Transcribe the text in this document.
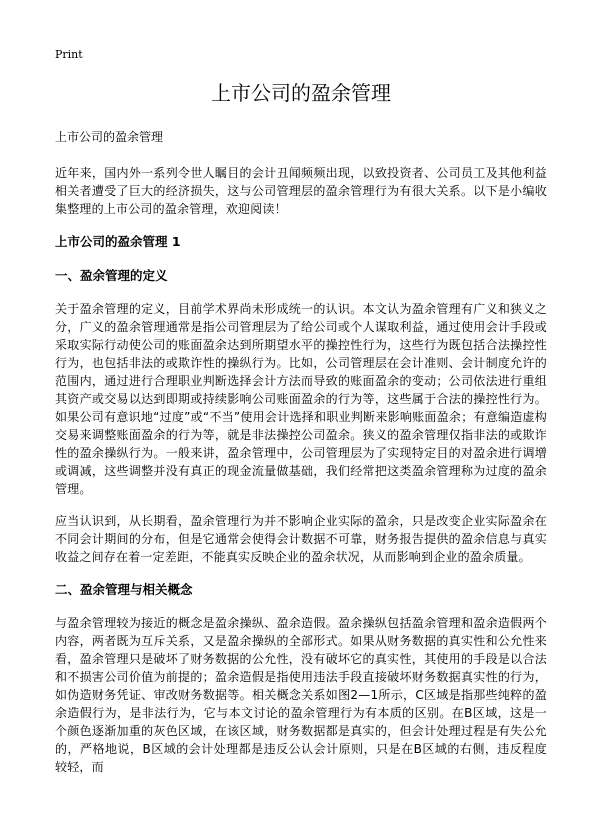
Print
上市公司的盈余管理
上市公司的盈余管理

近年来，国内外一系列令世人瞩目的会计丑闻频频出现，以致投资者、公司员工及其他利益相关者遭受了巨大的经济损失，这与公司管理层的盈余管理行为有很大关系。以下是小编收集整理的上市公司的盈余管理，欢迎阅读！

上市公司的盈余管理 1
一、盈余管理的定义

关于盈余管理的定义，目前学术界尚未形成统一的认识。本文认为盈余管理有广义和狭义之分，广义的盈余管理通常是指公司管理层为了给公司或个人谋取利益，通过使用会计手段或采取实际行动使公司的账面盈余达到所期望水平的操控性行为，这些行为既包括合法操控性行为，也包括非法的或欺诈性的操纵行为。比如，公司管理层在会计准则、会计制度允许的范围内，通过进行合理职业判断选择会计方法而导致的账面盈余的变动；公司依法进行重组其资产或交易以达到即期或持续影响公司账面盈余的行为等，这些属于合法的操控性行为。如果公司有意识地“过度”或“不当”使用会计选择和职业判断来影响账面盈余；有意编造虚构交易来调整账面盈余的行为等，就是非法操控公司盈余。狭义的盈余管理仅指非法的或欺诈性的盈余操纵行为。一般来讲，盈余管理中，公司管理层为了实现特定目的对盈余进行调增或调减，这些调整并没有真正的现金流量做基础，我们经常把这类盈余管理称为过度的盈余管理。

应当认识到，从长期看，盈余管理行为并不影响企业实际的盈余，只是改变企业实际盈余在不同会计期间的分布，但是它通常会使得会计数据不可靠，财务报告提供的盈余信息与真实收益之间存在着一定差距，不能真实反映企业的盈余状况，从而影响到企业的盈余质量。

二、盈余管理与相关概念

与盈余管理较为接近的概念是盈余操纵、盈余造假。盈余操纵包括盈余管理和盈余造假两个内容，两者既为互斥关系，又是盈余操纵的全部形式。如果从财务数据的真实性和公允性来看，盈余管理只是破坏了财务数据的公允性，没有破坏它的真实性，其使用的手段是以合法和不损害公司价值为前提的；盈余造假是指使用违法手段直接破坏财务数据真实性的行为，如伪造财务凭证、审改财务数据等。相关概念关系如图2—1所示，C区域是指那些纯粹的盈余造假行为，是非法行为，它与本文讨论的盈余管理行为有本质的区别。在B区域，这是一个颜色逐渐加重的灰色区域，在该区域，财务数据都是真实的，但会计处理过程是有失公允的，严格地说，B区域的会计处理都是违反公认会计原则，只是在B区域的右侧，违反程度较轻，而
